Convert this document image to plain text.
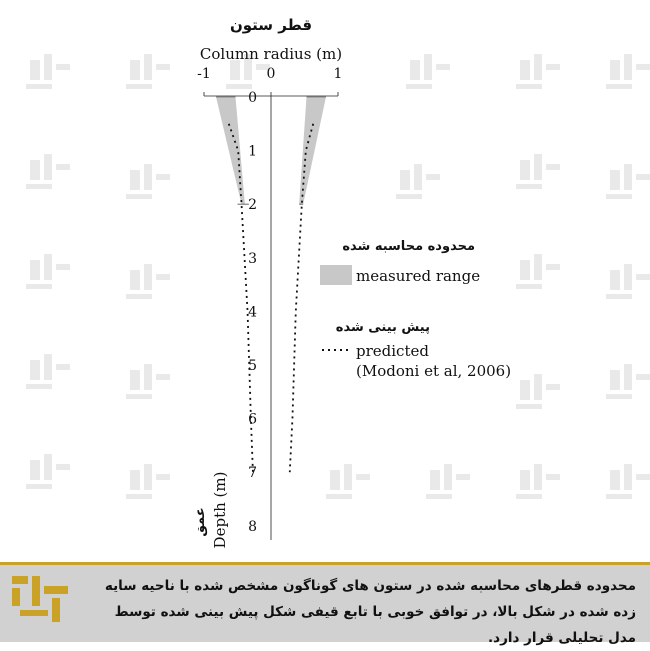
قطر ستون
Column radius (m)
-1	0	1
0
1
2
3
4
5
6
7
8
Depth (m)
عمق
محدوده محاسبه شده
measured range
پیش بینی شده
predicted
(Modoni et al, 2006)
محدوده قطرهای محاسبه شده در ستون های گوناگون مشخص شده با ناحیه سایه زده شده در شکل بالا، در توافق خوبی با تابع قیفی شکل پیش بینی شده توسط مدل تحلیلی قرار دارد.
